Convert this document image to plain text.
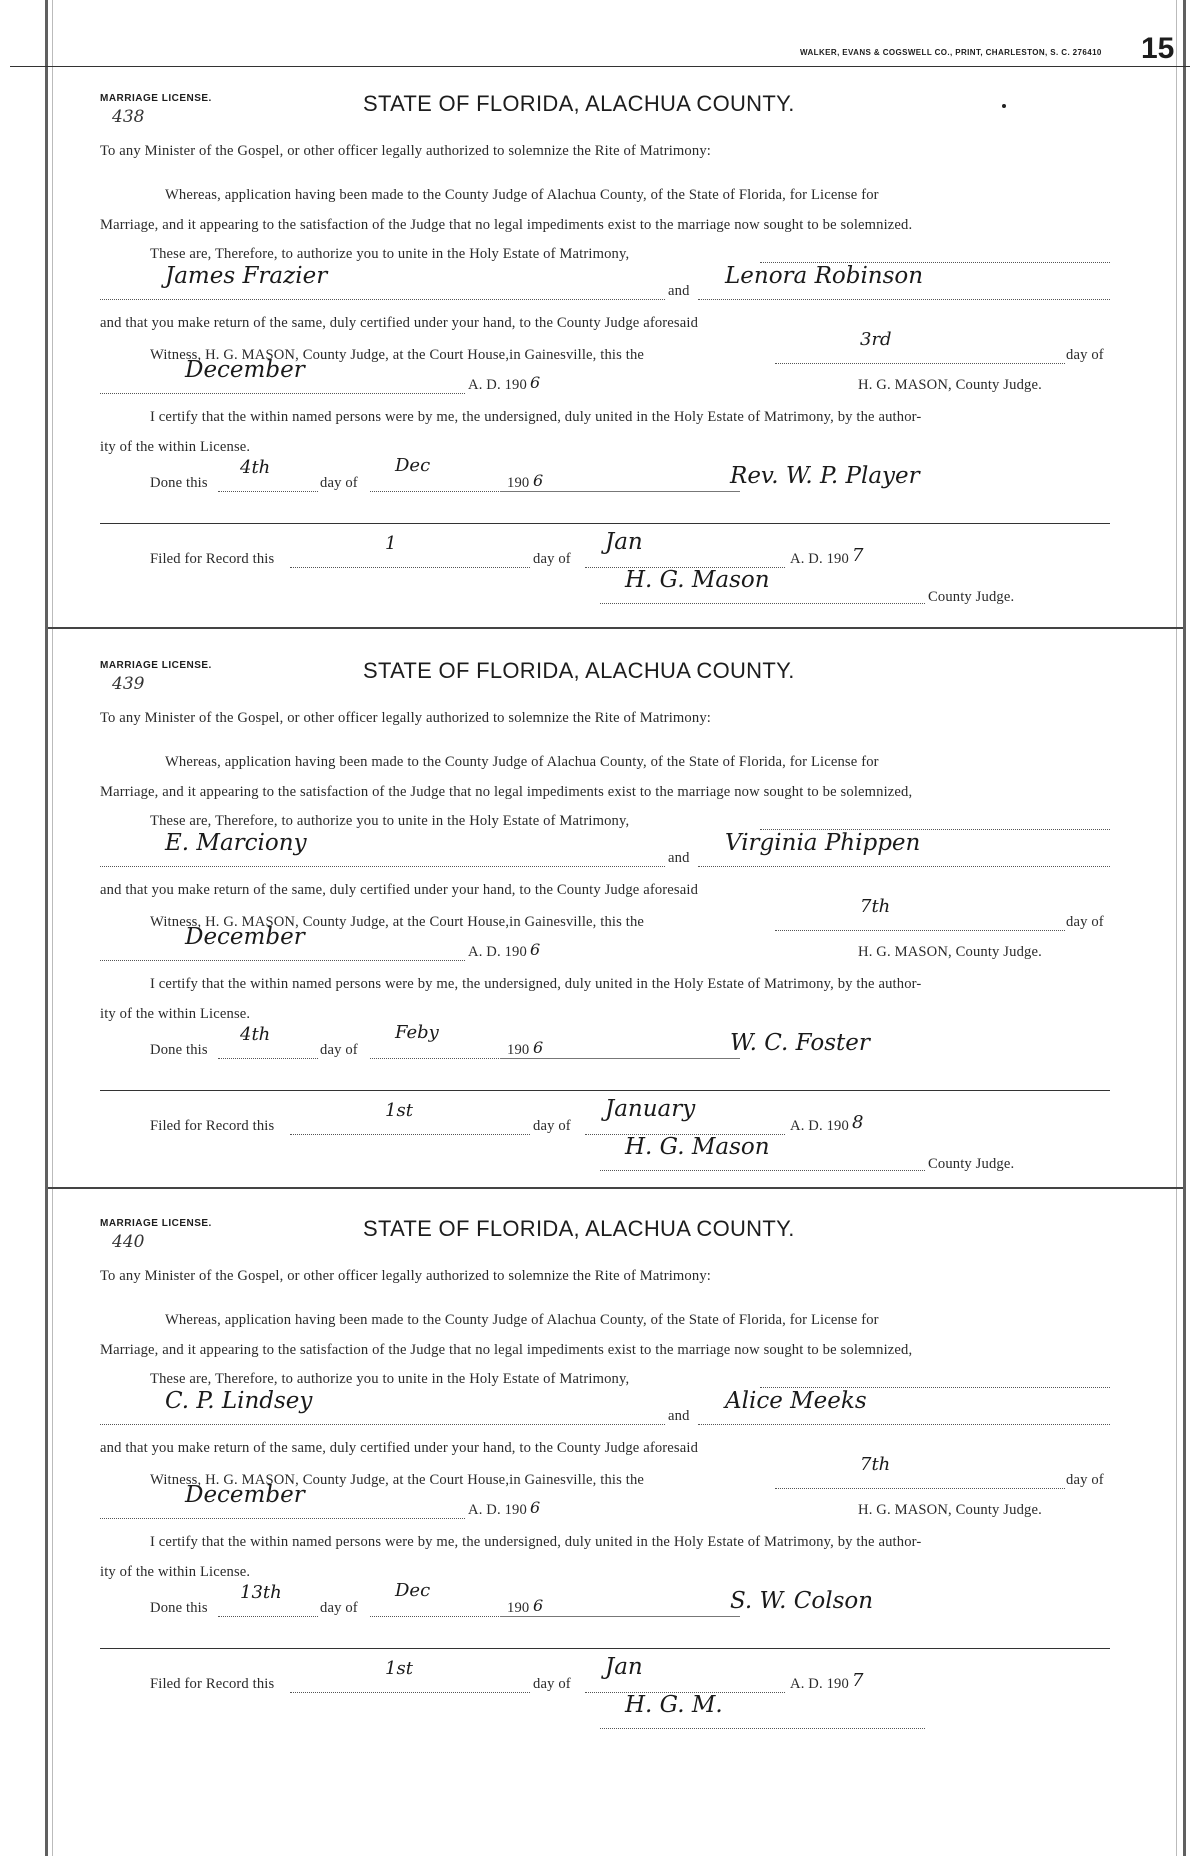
WALKER, EVANS & COGSWELL CO., PRINT, CHARLESTON, S. C. 276410 15
MARRIAGE LICENSE.
438
STATE OF FLORIDA, ALACHUA COUNTY.
To any Minister of the Gospel, or other officer legally authorized to solemnize the Rite of Matrimony:
Whereas, application having been made to the County Judge of Alachua County, of the State of Florida, for License for
Marriage, and it appearing to the satisfaction of the Judge that no legal impediments exist to the marriage now sought to be solemnized.
These are, Therefore, to authorize you to unite in the Holy Estate of Matrimony,
James Frazier
and
Lenora Robinson
and that you make return of the same, duly certified under your hand, to the County Judge aforesaid
Witness, H. G. MASON, County Judge, at the Court House,in Gainesville, this the
3rd
day of
December
A. D. 190 6	H. G. MASON, County Judge.
I certify that the within named persons were by me, the undersigned, duly united in the Holy Estate of Matrimony, by the author-
ity of the within License.
Done this
4th
day of
Dec
190 6	Rev. W. P. Player
Filed for Record this
1
day of
Jan
A. D. 190 7
H. G. Mason
County Judge.
MARRIAGE LICENSE.
439
STATE OF FLORIDA, ALACHUA COUNTY.
To any Minister of the Gospel, or other officer legally authorized to solemnize the Rite of Matrimony:
Whereas, application having been made to the County Judge of Alachua County, of the State of Florida, for License for
Marriage, and it appearing to the satisfaction of the Judge that no legal impediments exist to the marriage now sought to be solemnized,
These are, Therefore, to authorize you to unite in the Holy Estate of Matrimony,
E. Marciony
and
Virginia Phippen
and that you make return of the same, duly certified under your hand, to the County Judge aforesaid
Witness, H. G. MASON, County Judge, at the Court House,in Gainesville, this the
7th
day of
December
A. D. 190 6	H. G. MASON, County Judge.
I certify that the within named persons were by me, the undersigned, duly united in the Holy Estate of Matrimony, by the author-
ity of the within License.
Done this
4th
day of
Feby
190 6	W. C. Foster
Filed for Record this
1st
day of
January
A. D. 190 8
H. G. Mason
County Judge.
MARRIAGE LICENSE.
440
STATE OF FLORIDA, ALACHUA COUNTY.
To any Minister of the Gospel, or other officer legally authorized to solemnize the Rite of Matrimony:
Whereas, application having been made to the County Judge of Alachua County, of the State of Florida, for License for
Marriage, and it appearing to the satisfaction of the Judge that no legal impediments exist to the marriage now sought to be solemnized,
These are, Therefore, to authorize you to unite in the Holy Estate of Matrimony,
C. P. Lindsey
and
Alice Meeks
and that you make return of the same, duly certified under your hand, to the County Judge aforesaid
Witness, H. G. MASON, County Judge, at the Court House,in Gainesville, this the
7th
day of
December
A. D. 190 6	H. G. MASON, County Judge.
I certify that the within named persons were by me, the undersigned, duly united in the Holy Estate of Matrimony, by the author-
ity of the within License.
Done this
13th
day of
Dec
190 6	S. W. Colson
Filed for Record this
1st
day of
Jan
A. D. 190 7
H. G. M.
